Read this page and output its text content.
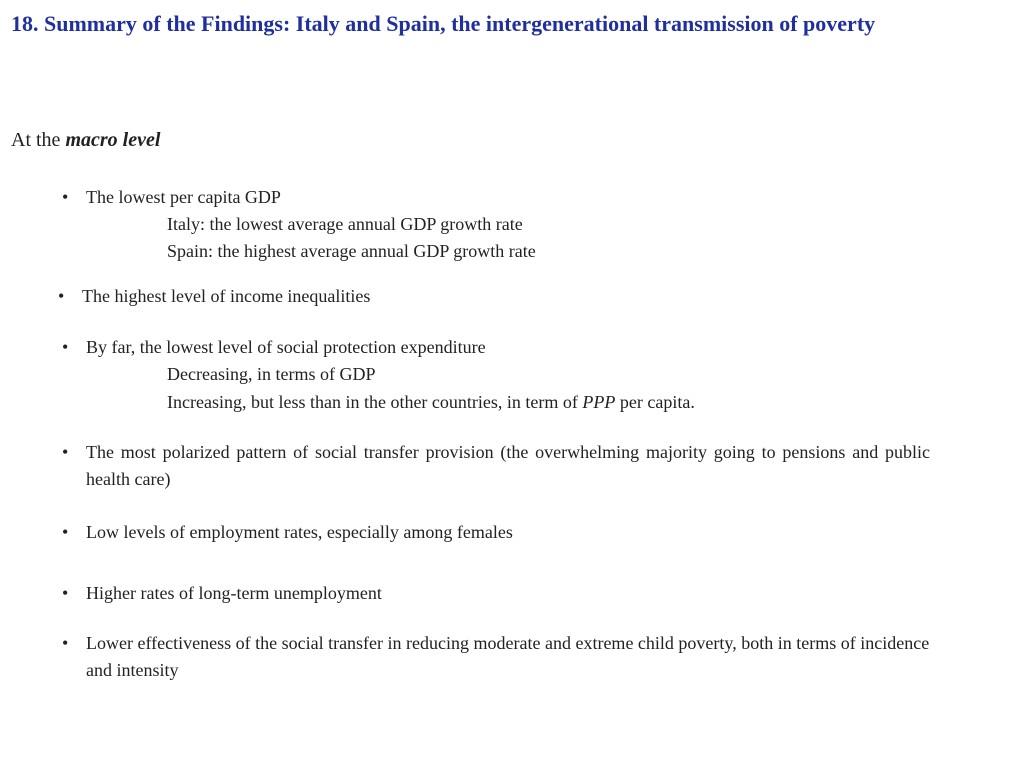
18. Summary of the Findings: Italy and Spain, the intergenerational transmission of poverty
At the macro level
• The lowest per capita GDP
Italy: the lowest average annual GDP growth rate
Spain: the highest average annual GDP growth rate
• The highest level of income inequalities
• By far, the lowest level of social protection expenditure
Decreasing, in terms of GDP
Increasing, but less than in the other countries, in term of PPP per capita.
• The most polarized pattern of social transfer provision (the overwhelming majority going to pensions and public health care)
• Low levels of employment rates, especially among females
• Higher rates of long-term unemployment
• Lower effectiveness of the social transfer in reducing moderate and extreme child poverty, both in terms of incidence and intensity
